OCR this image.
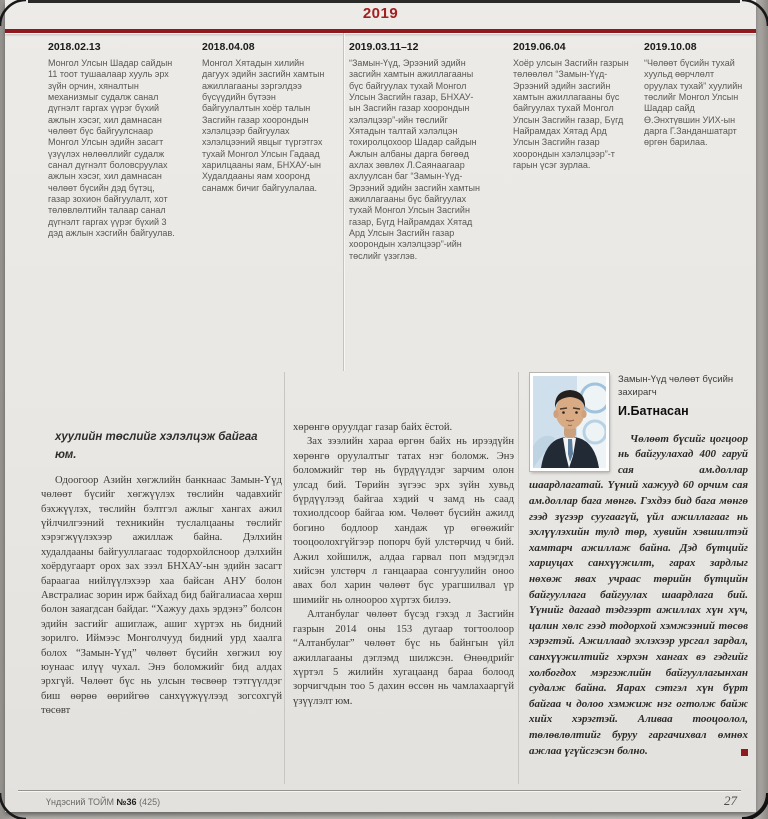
2019
2018.02.13
Монгол Улсын Шадар сайдын 11 тоот тушаалаар хууль эрх зүйн орчин, хяналтын механизмыг судалж санал дүгнэлт гаргах үүрэг бүхий ажлын хэсэг, хил дамнасан чөлөөт бүс байгуулснаар Монгол Улсын эдийн засагт үзүүлэх нөлөөллийг судалж санал дүгнэлт боловсруулах ажлын хэсэг, хил дамнасан чөлөөт бүсийн дэд бүтэц, газар зохион байгуулалт, хот төлөвлөлтийн талаар санал дүгнэлт гаргах үүрэг бүхий 3 дэд ажлын хэсгийн байгуулав.
2018.04.08
Монгол Хятадын хилийн дагуух эдийн засгийн хамтын ажиллагааны зэргэлдээ бүсүүдийн бүтээн байгуулалтын хоёр талын Засгийн газар хоорондын хэлэлцээр байгуулах хэлэлцээний явцыг түргэтгэх тухай Монгол Улсын Гадаад харилцааны яам, БНХАУ-ын Худалдааны яам хооронд санамж бичиг байгуулалаа.
2019.03.11–12
“Замын-Үүд, Эрээний эдийн засгийн хамтын ажиллагааны бүс байгуулах тухай Монгол Улсын Засгийн газар, БНХАУ-ын Засгийн газар хоорондын хэлэлцээр”-ийн төслийг Хятадын талтай хэлэлцэн тохиролцохоор Шадар сайдын Ажлын албаны дарга бөгөөд ахлах зөвлөх Л.Саянаагаар ахлуулсан баг “Замын-Үүд-Эрээний эдийн засгийн хамтын ажиллагааны бүс байгуулах тухай Монгол Улсын Засгийн газар, Бүгд Найрамдах Хятад Ард Улсын Засгийн газар хоорондын хэлэлцээр”-ийн төслийг үзэглэв.
2019.06.04
Хоёр улсын Засгийн газрын төлөөлөл “Замын-Үүд-Эрээний эдийн засгийн хамтын ажиллагааны бүс байгуулах тухай Монгол Улсын Засгийн газар, Бүгд Найрамдах Хятад Ард Улсын Засгийн газар хоорондын хэлэлцээр”-т гарын үсэг зурлаа.
2019.10.08
“Чөлөөт бүсийн тухай хуульд өөрчлөлт оруулах тухай” хуулийн төслийг Монгол Улсын Шадар сайд Ө.Энхтүвшин УИХ-ын дарга Г.Занданшатарт өргөн барилаа.
хуулийн төслийг хэлэлцэж байгаа юм.

Одоогоор Азийн хөгжлийн банкнаас Замын-Үүд чөлөөт бүсийг хөгжүүлэх төслийн чадавхийг бэхжүүлэх, төслийн бэлтгэл ажлыг хангах ажил үйлчилгээний техникийн туслалцааны төслийг хэрэгжүүлэхээр ажиллаж байна. Дэлхийн худалдааны байгууллагаас тодорхойлсноор дэлхийн хоёрдугаарт орох зах зээл БНХАУ-ын эдийн засагт бараагаа нийлүүлэхээр хаа байсан АНУ болон Австралиас зорин ирж байхад бид байгалиасаа хөрш болон заяагдсан байдаг. “Хажуу дахь эрдэнэ” болсон эдийн засгийг ашиглаж, ашиг хүртэх нь бидний зорилго. Иймээс Монголчууд бидний урд хаалга болох “Замын-Үүд” чөлөөт бүсийн хөгжил юу юунаас илүү чухал. Энэ боломжийг бид алдах эрхгүй. Чөлөөт бүс нь улсын төсвөөр тэтгүүлдэг биш өөрөө өөрийгөө санхүүжүүлээд зогсохгүй төсөвт

хөрөнгө оруулдаг газар байх ёстой.

Зах зээлийн хараа өргөн байх нь ирээдүйн хөрөнгө оруулалтыг татах нэг боломж. Энэ боломжийг төр нь бүрдүүлдэг зарчим олон улсад бий. Төрийн зүгээс эрх зүйн хувьд бүрдүүлээд байгаа хэдий ч замд нь саад тохиолдсоор байгаа юм. Чөлөөт бүсийн ажилд богино бодлоор хандаж үр өгөөжийг тооцоолохгүйгээр попорч буй улстөрчид ч бий. Ажил хойшилж, алдаа гарвал поп мэдэгдэл хийсэн улстөрч л ганцаараа сонгуулийн оноо авах бол харин чөлөөт бүс урагшилвал үр шимийг нь олноороо хүртэх билээ.

Алтанбулаг чөлөөт бүсэд гэхэд л Засгийн газрын 2014 оны 153 дугаар тогтоолоор “Алтанбулаг” чөлөөт бүс нь байнгын үйл ажиллагааны дэглэмд шилжсэн. Өнөөдрийг хүртэл 5 жилийн хугацаанд бараа болоод зорчигчдын тоо 5 дахин өссөн нь чамлахааргүй үзүүлэлт юм.

Замын-Үүд чөлөөт бүсийн захирагч
И.Батнасан

Чөлөөт бүсийг цогцоор нь байгуулахад 400 гаруй сая ам.доллар шаардлагатай. Үүний хажууд 60 орчим сая ам.доллар бага мөнгө. Гэхдээ бид бага мөнгө гээд зүгээр суугаагүй, үйл ажиллагааг нь эхлүүлэхийн тулд төр, хувийн хэвшилтэй хамтарч ажиллаж байна. Дэд бүтцийг хариуцах санхүүжилт, гарах зардлыг нөхөж явах учраас төрийн бүтцийн байгууллага байгуулах шаардлага бий. Үүнийг дагаад тэдгээрт ажиллах хүн хүч, цалин хөлс гээд тодорхой хэмжээний төсөв хэрэгтэй. Ажиллаад эхлэхээр урсгал зардал, санхүүжилтийг хэрхэн хангах вэ гэдгийг холбогдох мэргэжлийн байгууллагынхан судалж байна. Яарах сэтгэл хүн бүрт байгаа ч долоо хэмжиж нэг огтолж байж хийх хэрэгтэй. Аливаа тооцоолол, төлөвлөлтийг буруу гаргачихвал өмнөх ажлаа үгүйсгэсэн болно.

Үндэсний ТОЙМ №36 (425)	27
